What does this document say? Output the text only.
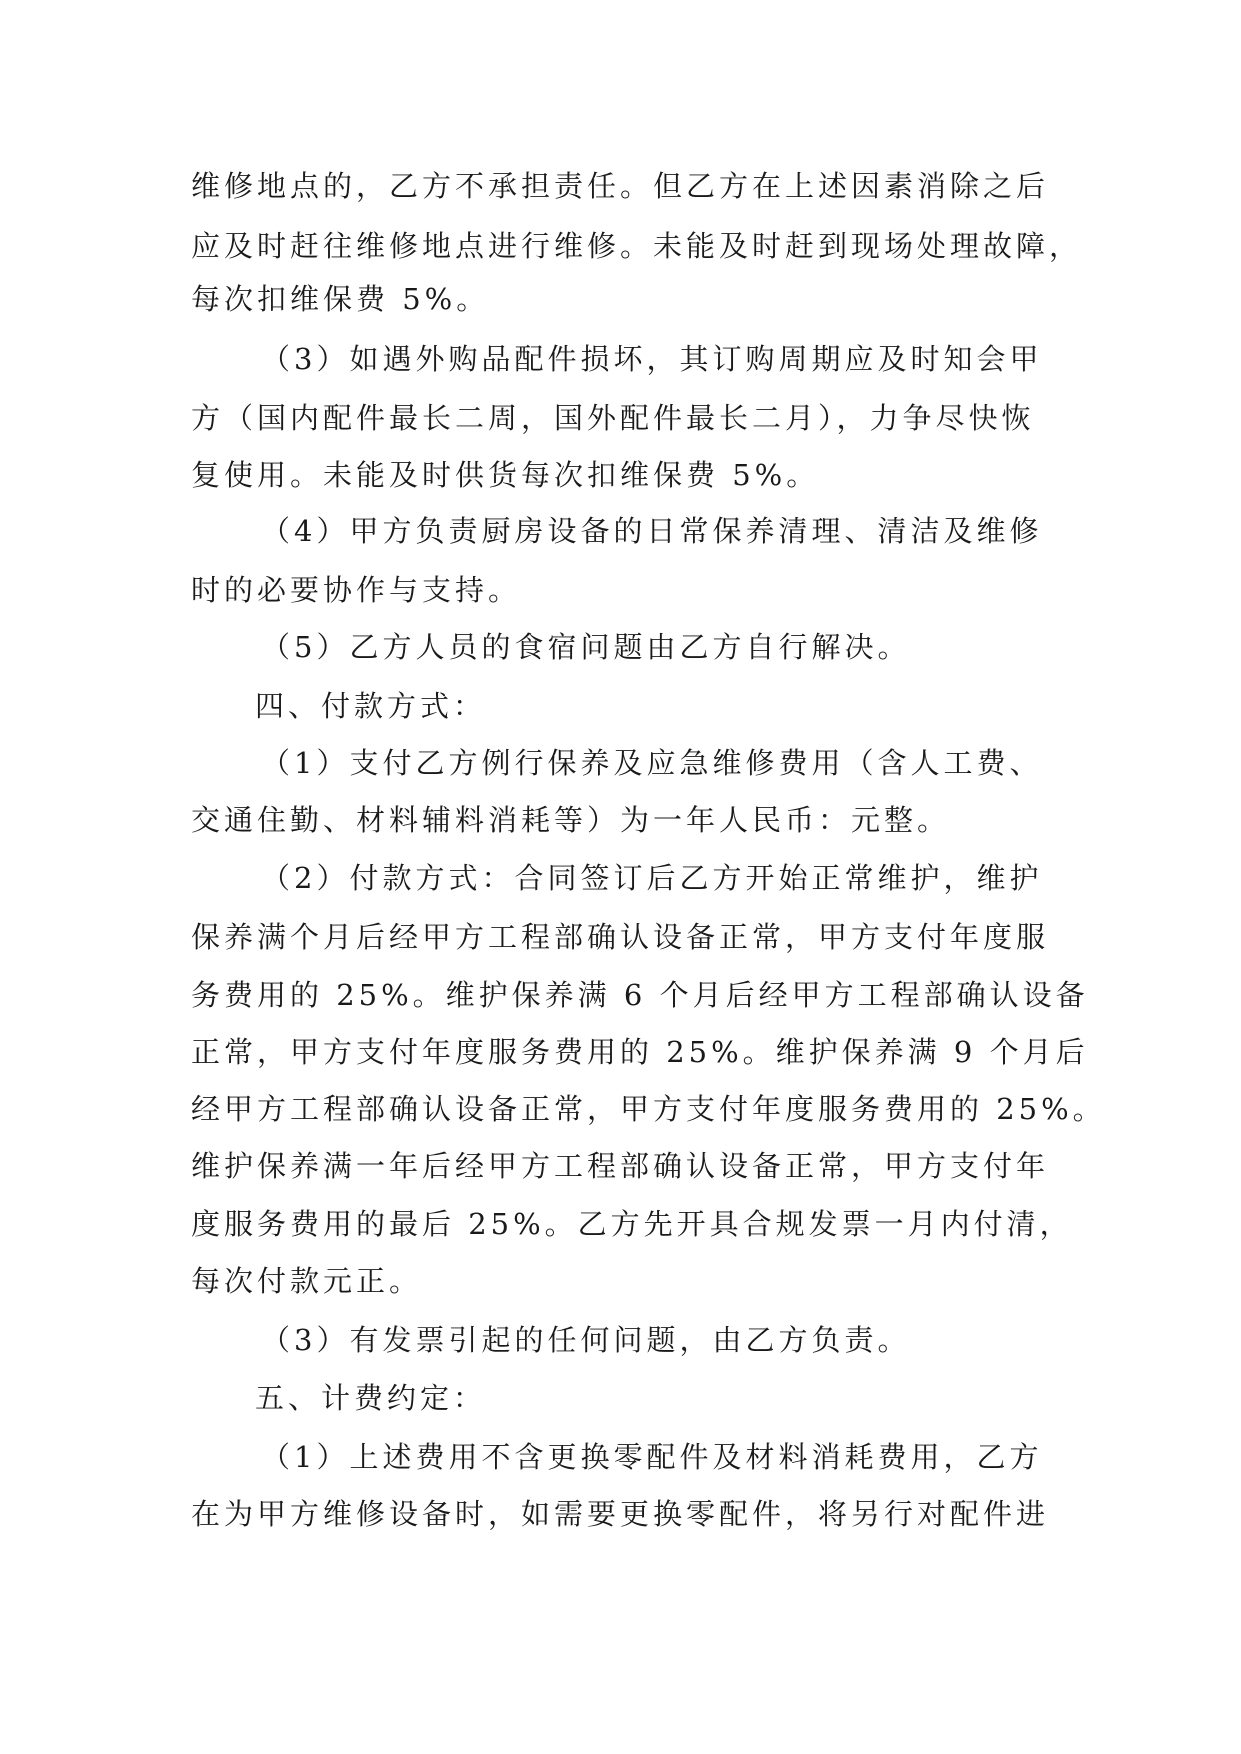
维修地点的，乙方不承担责任。但乙方在上述因素消除之后
应及时赶往维修地点进行维修。未能及时赶到现场处理故障，
每次扣维保费 5%。
（3）如遇外购品配件损坏，其订购周期应及时知会甲
方（国内配件最长二周，国外配件最长二月），力争尽快恢
复使用。未能及时供货每次扣维保费 5%。
（4）甲方负责厨房设备的日常保养清理、清洁及维修
时的必要协作与支持。
（5）乙方人员的食宿问题由乙方自行解决。
四、付款方式：
（1）支付乙方例行保养及应急维修费用（含人工费、
交通住勤、材料辅料消耗等）为一年人民币：元整。
（2）付款方式：合同签订后乙方开始正常维护，维护
保养满个月后经甲方工程部确认设备正常，甲方支付年度服
务费用的 25%。维护保养满 6 个月后经甲方工程部确认设备
正常，甲方支付年度服务费用的 25%。维护保养满 9 个月后
经甲方工程部确认设备正常，甲方支付年度服务费用的 25%。
维护保养满一年后经甲方工程部确认设备正常，甲方支付年
度服务费用的最后 25%。乙方先开具合规发票一月内付清，
每次付款元正。
（3）有发票引起的任何问题，由乙方负责。
五、计费约定：
（1）上述费用不含更换零配件及材料消耗费用，乙方
在为甲方维修设备时，如需要更换零配件，将另行对配件进
